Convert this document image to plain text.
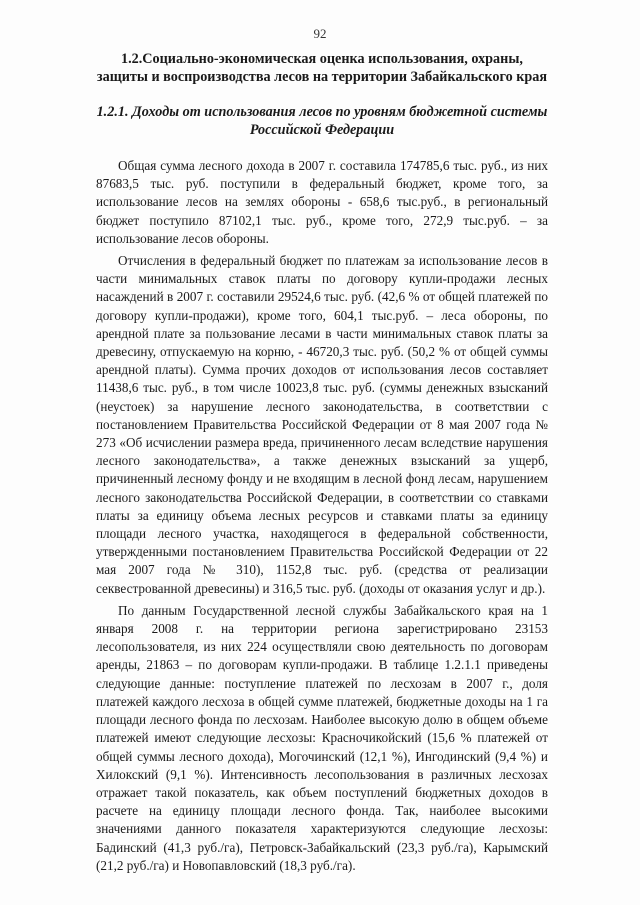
92
1.2.Социально-экономическая оценка использования, охраны, защиты и воспроизводства лесов на территории Забайкальского края
1.2.1. Доходы от использования лесов по уровням бюджетной системы Российской Федерации

Общая сумма лесного дохода в 2007 г. составила 174785,6 тыс. руб., из них 87683,5 тыс. руб. поступили в федеральный бюджет, кроме того, за использование лесов на землях обороны - 658,6 тыс.руб., в региональный бюджет поступило 87102,1 тыс. руб., кроме того, 272,9 тыс.руб. – за использование лесов обороны.

Отчисления в федеральный бюджет по платежам за использование лесов в части минимальных ставок платы по договору купли-продажи лесных насаждений в 2007 г. составили 29524,6 тыс. руб. (42,6 % от общей платежей по договору купли-продажи), кроме того, 604,1 тыс.руб. – леса обороны, по арендной плате за пользование лесами в части минимальных ставок платы за древесину, отпускаемую на корню, - 46720,3 тыс. руб. (50,2 % от общей суммы арендной платы). Сумма прочих доходов от использования лесов составляет 11438,6 тыс. руб., в том числе 10023,8 тыс. руб. (суммы денежных взысканий (неустоек) за нарушение лесного законодательства, в соответствии с постановлением Правительства Российской Федерации от 8 мая 2007 года № 273 «Об исчислении размера вреда, причиненного лесам вследствие нарушения лесного законодательства», а также денежных взысканий за ущерб, причиненный лесному фонду и не входящим в лесной фонд лесам, нарушением лесного законодательства Российской Федерации, в соответствии со ставками платы за единицу объема лесных ресурсов и ставками платы за единицу площади лесного участка, находящегося в федеральной собственности, утвержденными постановлением Правительства Российской Федерации от 22 мая 2007 года № 310), 1152,8 тыс. руб. (средства от реализации секвестрованной древесины) и 316,5 тыс. руб. (доходы от оказания услуг и др.).

По данным Государственной лесной службы Забайкальского края на 1 января 2008 г. на территории региона зарегистрировано 23153 лесопользователя, из них 224 осуществляли свою деятельность по договорам аренды, 21863 – по договорам купли-продажи. В таблице 1.2.1.1 приведены следующие данные: поступление платежей по лесхозам в 2007 г., доля платежей каждого лесхоза в общей сумме платежей, бюджетные доходы на 1 га площади лесного фонда по лесхозам. Наиболее высокую долю в общем объеме платежей имеют следующие лесхозы: Красночикойский (15,6 % платежей от общей суммы лесного дохода), Могочинский (12,1 %), Ингодинский (9,4 %) и Хилокский (9,1 %). Интенсивность лесопользования в различных лесхозах отражает такой показатель, как объем поступлений бюджетных доходов в расчете на единицу площади лесного фонда. Так, наиболее высокими значениями данного показателя характеризуются следующие лесхозы: Бадинский (41,3 руб./га), Петровск-Забайкальский (23,3 руб./га), Карымский (21,2 руб./га) и Новопавловский (18,3 руб./га).
